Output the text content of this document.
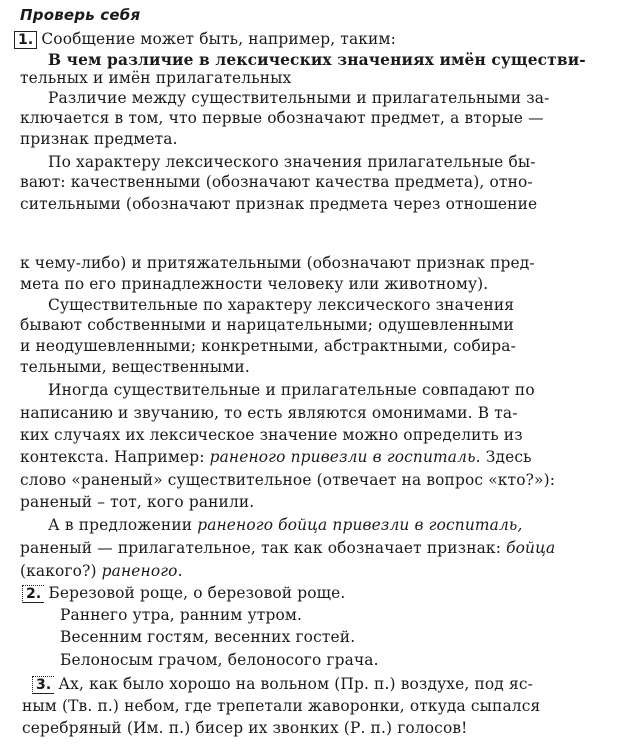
Проверь себя
1. Сообщение может быть, например, таким:
В чем различие в лексических значениях имён существи-
тельных и имён прилагательных
Различие между существительными и прилагательными за-
ключается в том, что первые обозначают предмет, а вторые —
признак предмета.
По характеру лексического значения прилагательные бы-
вают: качественными (обозначают качества предмета), отно-
сительными (обозначают признак предмета через отношение
к чему-либо) и притяжательными (обозначают признак пред-
мета по его принадлежности человеку или животному).
Существительные по характеру лексического значения
бывают собственными и нарицательными; одушевленными
и неодушевленными; конкретными, абстрактными, собира-
тельными, вещественными.
Иногда существительные и прилагательные совпадают по
написанию и звучанию, то есть являются омонимами. В та-
ких случаях их лексическое значение можно определить из
контекста. Например: раненого привезли в госпиталь. Здесь
слово «раненый» существительное (отвечает на вопрос «кто?»):
раненый – тот, кого ранили.
А в предложении раненого бойца привезли в госпиталь,
раненый — прилагательное, так как обозначает признак: бойца
(какого?) раненого.
2. Березовой роще, о березовой роще.
Раннего утра, ранним утром.
Весенним гостям, весенних гостей.
Белоносым грачом, белоносого грача.
3. Ах, как было хорошо на вольном (Пр. п.) воздухе, под яс-
ным (Тв. п.) небом, где трепетали жаворонки, откуда сыпался
серебряный (Им. п.) бисер их звонких (Р. п.) голосов!
